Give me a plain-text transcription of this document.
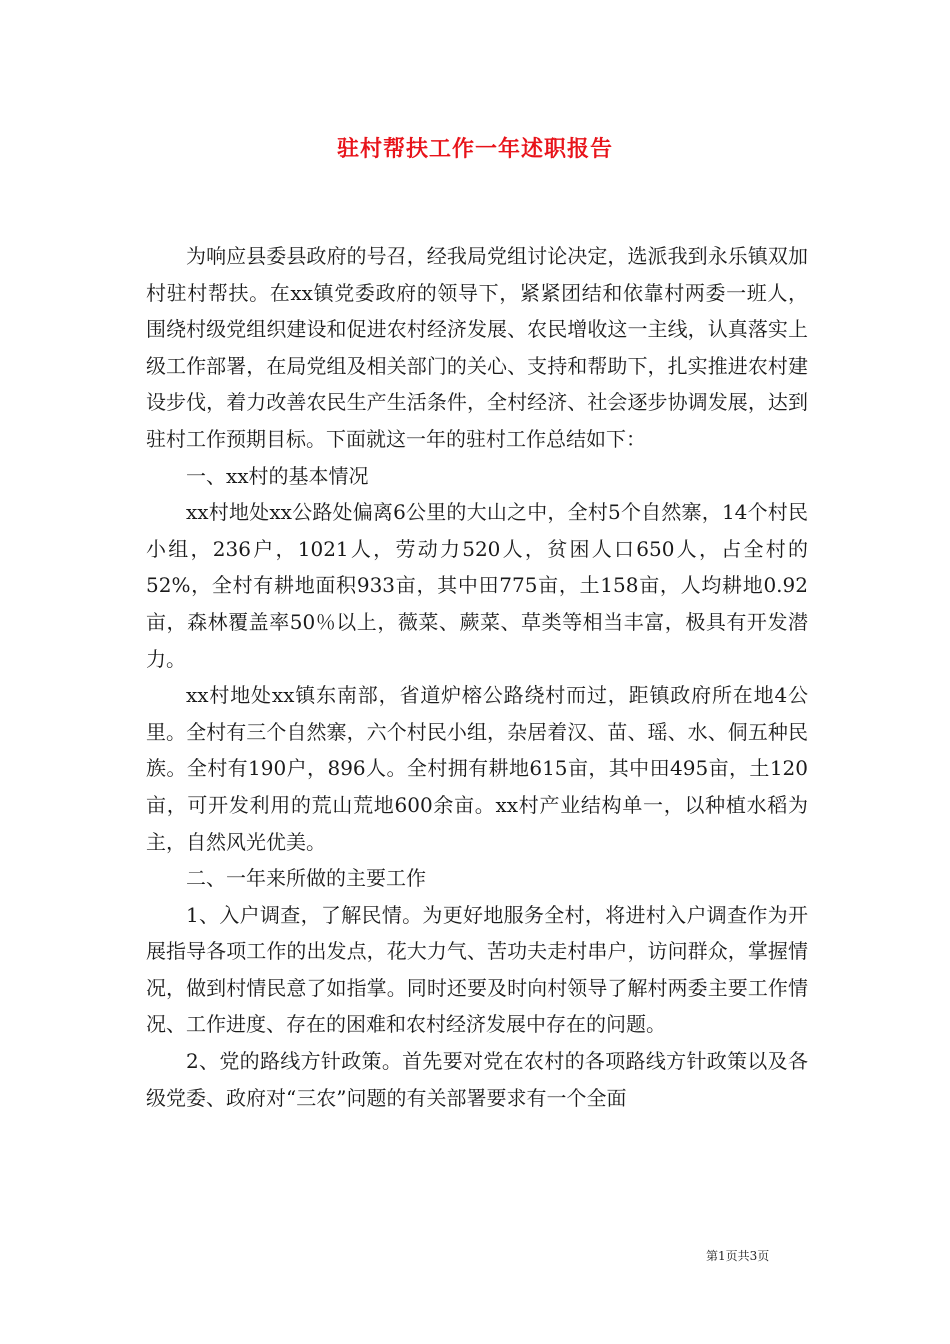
驻村帮扶工作一年述职报告

为响应县委县政府的号召，经我局党组讨论决定，选派我到永乐镇双加村驻村帮扶。在xx镇党委政府的领导下，紧紧团结和依靠村两委一班人，围绕村级党组织建设和促进农村经济发展、农民增收这一主线，认真落实上级工作部署，在局党组及相关部门的关心、支持和帮助下，扎实推进农村建设步伐，着力改善农民生产生活条件，全村经济、社会逐步协调发展，达到驻村工作预期目标。下面就这一年的驻村工作总结如下：

一、xx村的基本情况

xx村地处xx公路处偏离6公里的大山之中，全村5个自然寨，14个村民小组，236户，1021人，劳动力520人，贫困人口650人，占全村的52%，全村有耕地面积933亩，其中田775亩，土158亩，人均耕地0.92亩，森林覆盖率50％以上，薇菜、蕨菜、草类等相当丰富，极具有开发潜力。

xx村地处xx镇东南部，省道炉榕公路绕村而过，距镇政府所在地4公里。全村有三个自然寨，六个村民小组，杂居着汉、苗、瑶、水、侗五种民族。全村有190户，896人。全村拥有耕地615亩，其中田495亩，土120亩，可开发利用的荒山荒地600余亩。xx村产业结构单一，以种植水稻为主，自然风光优美。

二、一年来所做的主要工作

1、入户调查，了解民情。为更好地服务全村，将进村入户调查作为开展指导各项工作的出发点，花大力气、苦功夫走村串户，访问群众，掌握情况，做到村情民意了如指掌。同时还要及时向村领导了解村两委主要工作情况、工作进度、存在的困难和农村经济发展中存在的问题。

2、党的路线方针政策。首先要对党在农村的各项路线方针政策以及各级党委、政府对“三农”问题的有关部署要求有一个全面

第1页共3页
